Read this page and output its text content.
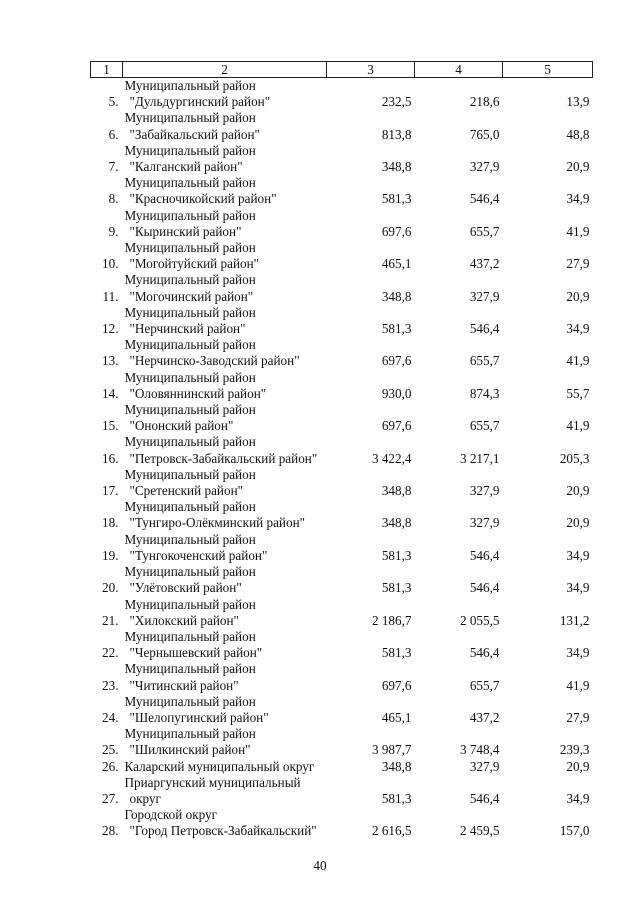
1	2	3	4	5
5.	Муниципальный район
"Дульдургинский район"	232,5	218,6	13,9
6.	Муниципальный район
"Забайкальский район"	813,8	765,0	48,8
7.	Муниципальный район
"Калганский район"	348,8	327,9	20,9
8.	Муниципальный район
"Красночикойский район"	581,3	546,4	34,9
9.	Муниципальный район
"Кыринский район"	697,6	655,7	41,9
10.	Муниципальный район
"Могойтуйский район"	465,1	437,2	27,9
11.	Муниципальный район
"Могочинский район"	348,8	327,9	20,9
12.	Муниципальный район
"Нерчинский район"	581,3	546,4	34,9
13.	Муниципальный район
"Нерчинско-Заводский район"	697,6	655,7	41,9
14.	Муниципальный район
"Оловяннинский район"	930,0	874,3	55,7
15.	Муниципальный район
"Ононский район"	697,6	655,7	41,9
16.	Муниципальный район
"Петровск-Забайкальский район"	3 422,4	3 217,1	205,3
17.	Муниципальный район
"Сретенский район"	348,8	327,9	20,9
18.	Муниципальный район
"Тунгиро-Олёкминский район"	348,8	327,9	20,9
19.	Муниципальный район
"Тунгокоченский район"	581,3	546,4	34,9
20.	Муниципальный район
"Улётовский район"	581,3	546,4	34,9
21.	Муниципальный район
"Хилокский район"	2 186,7	2 055,5	131,2
22.	Муниципальный район
"Чернышевский район"	581,3	546,4	34,9
23.	Муниципальный район
"Читинский район"	697,6	655,7	41,9
24.	Муниципальный район
"Шелопугинский район"	465,1	437,2	27,9
25.	Муниципальный район
"Шилкинский район"	3 987,7	3 748,4	239,3
26.	Каларский муниципальный округ	348,8	327,9	20,9
27.	Приаргунский муниципальный
округ	581,3	546,4	34,9
28.	Городской округ
"Город Петровск-Забайкальский"	2 616,5	2 459,5	157,0
40
